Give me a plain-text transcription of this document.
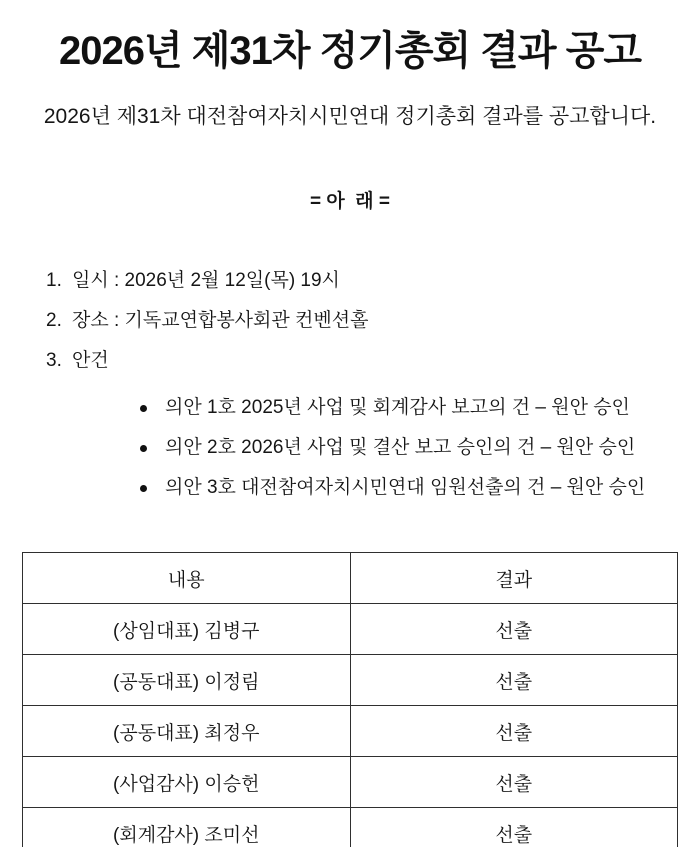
2026년 제31차 정기총회 결과 공고

2026년 제31차 대전참여자치시민연대 정기총회 결과를 공고합니다.

= 아  래 =

1. 일시 : 2026년 2월 12일(목) 19시
2. 장소 : 기독교연합봉사회관 컨벤션홀
3. 안건
의안 1호 2025년 사업 및 회계감사 보고의 건 – 원안 승인
의안 2호 2026년 사업 및 결산 보고 승인의 건 – 원안 승인
의안 3호 대전참여자치시민연대 임원선출의 건 – 원안 승인
내용	결과
(상임대표) 김병구	선출
(공동대표) 이정림	선출
(공동대표) 최정우	선출
(사업감사) 이승헌	선출
(회계감사) 조미선	선출
